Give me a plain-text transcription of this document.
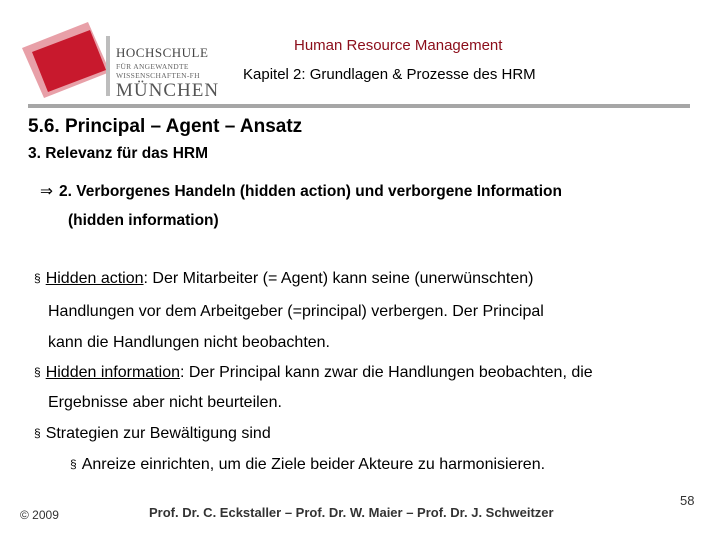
HOCHSCHULE
FÜR ANGEWANDTE
WISSENSCHAFTEN-FH
MÜNCHEN
Human Resource Management
Kapitel 2: Grundlagen & Prozesse des HRM
5.6. Principal – Agent – Ansatz
3. Relevanz für das HRM
⇒ 2. Verborgenes Handeln (hidden action) und verborgene Information
(hidden information)
§ Hidden action: Der Mitarbeiter (= Agent) kann seine (unerwünschten)
Handlungen vor dem Arbeitgeber (=principal) verbergen. Der Principal
kann die Handlungen nicht beobachten.
§ Hidden information: Der Principal kann zwar die Handlungen beobachten, die
Ergebnisse aber nicht beurteilen.
§ Strategien zur Bewältigung sind
§ Anreize einrichten, um die Ziele beider Akteure zu harmonisieren.
© 2009	Prof. Dr. C. Eckstaller – Prof. Dr. W. Maier – Prof. Dr. J. Schweitzer
58
